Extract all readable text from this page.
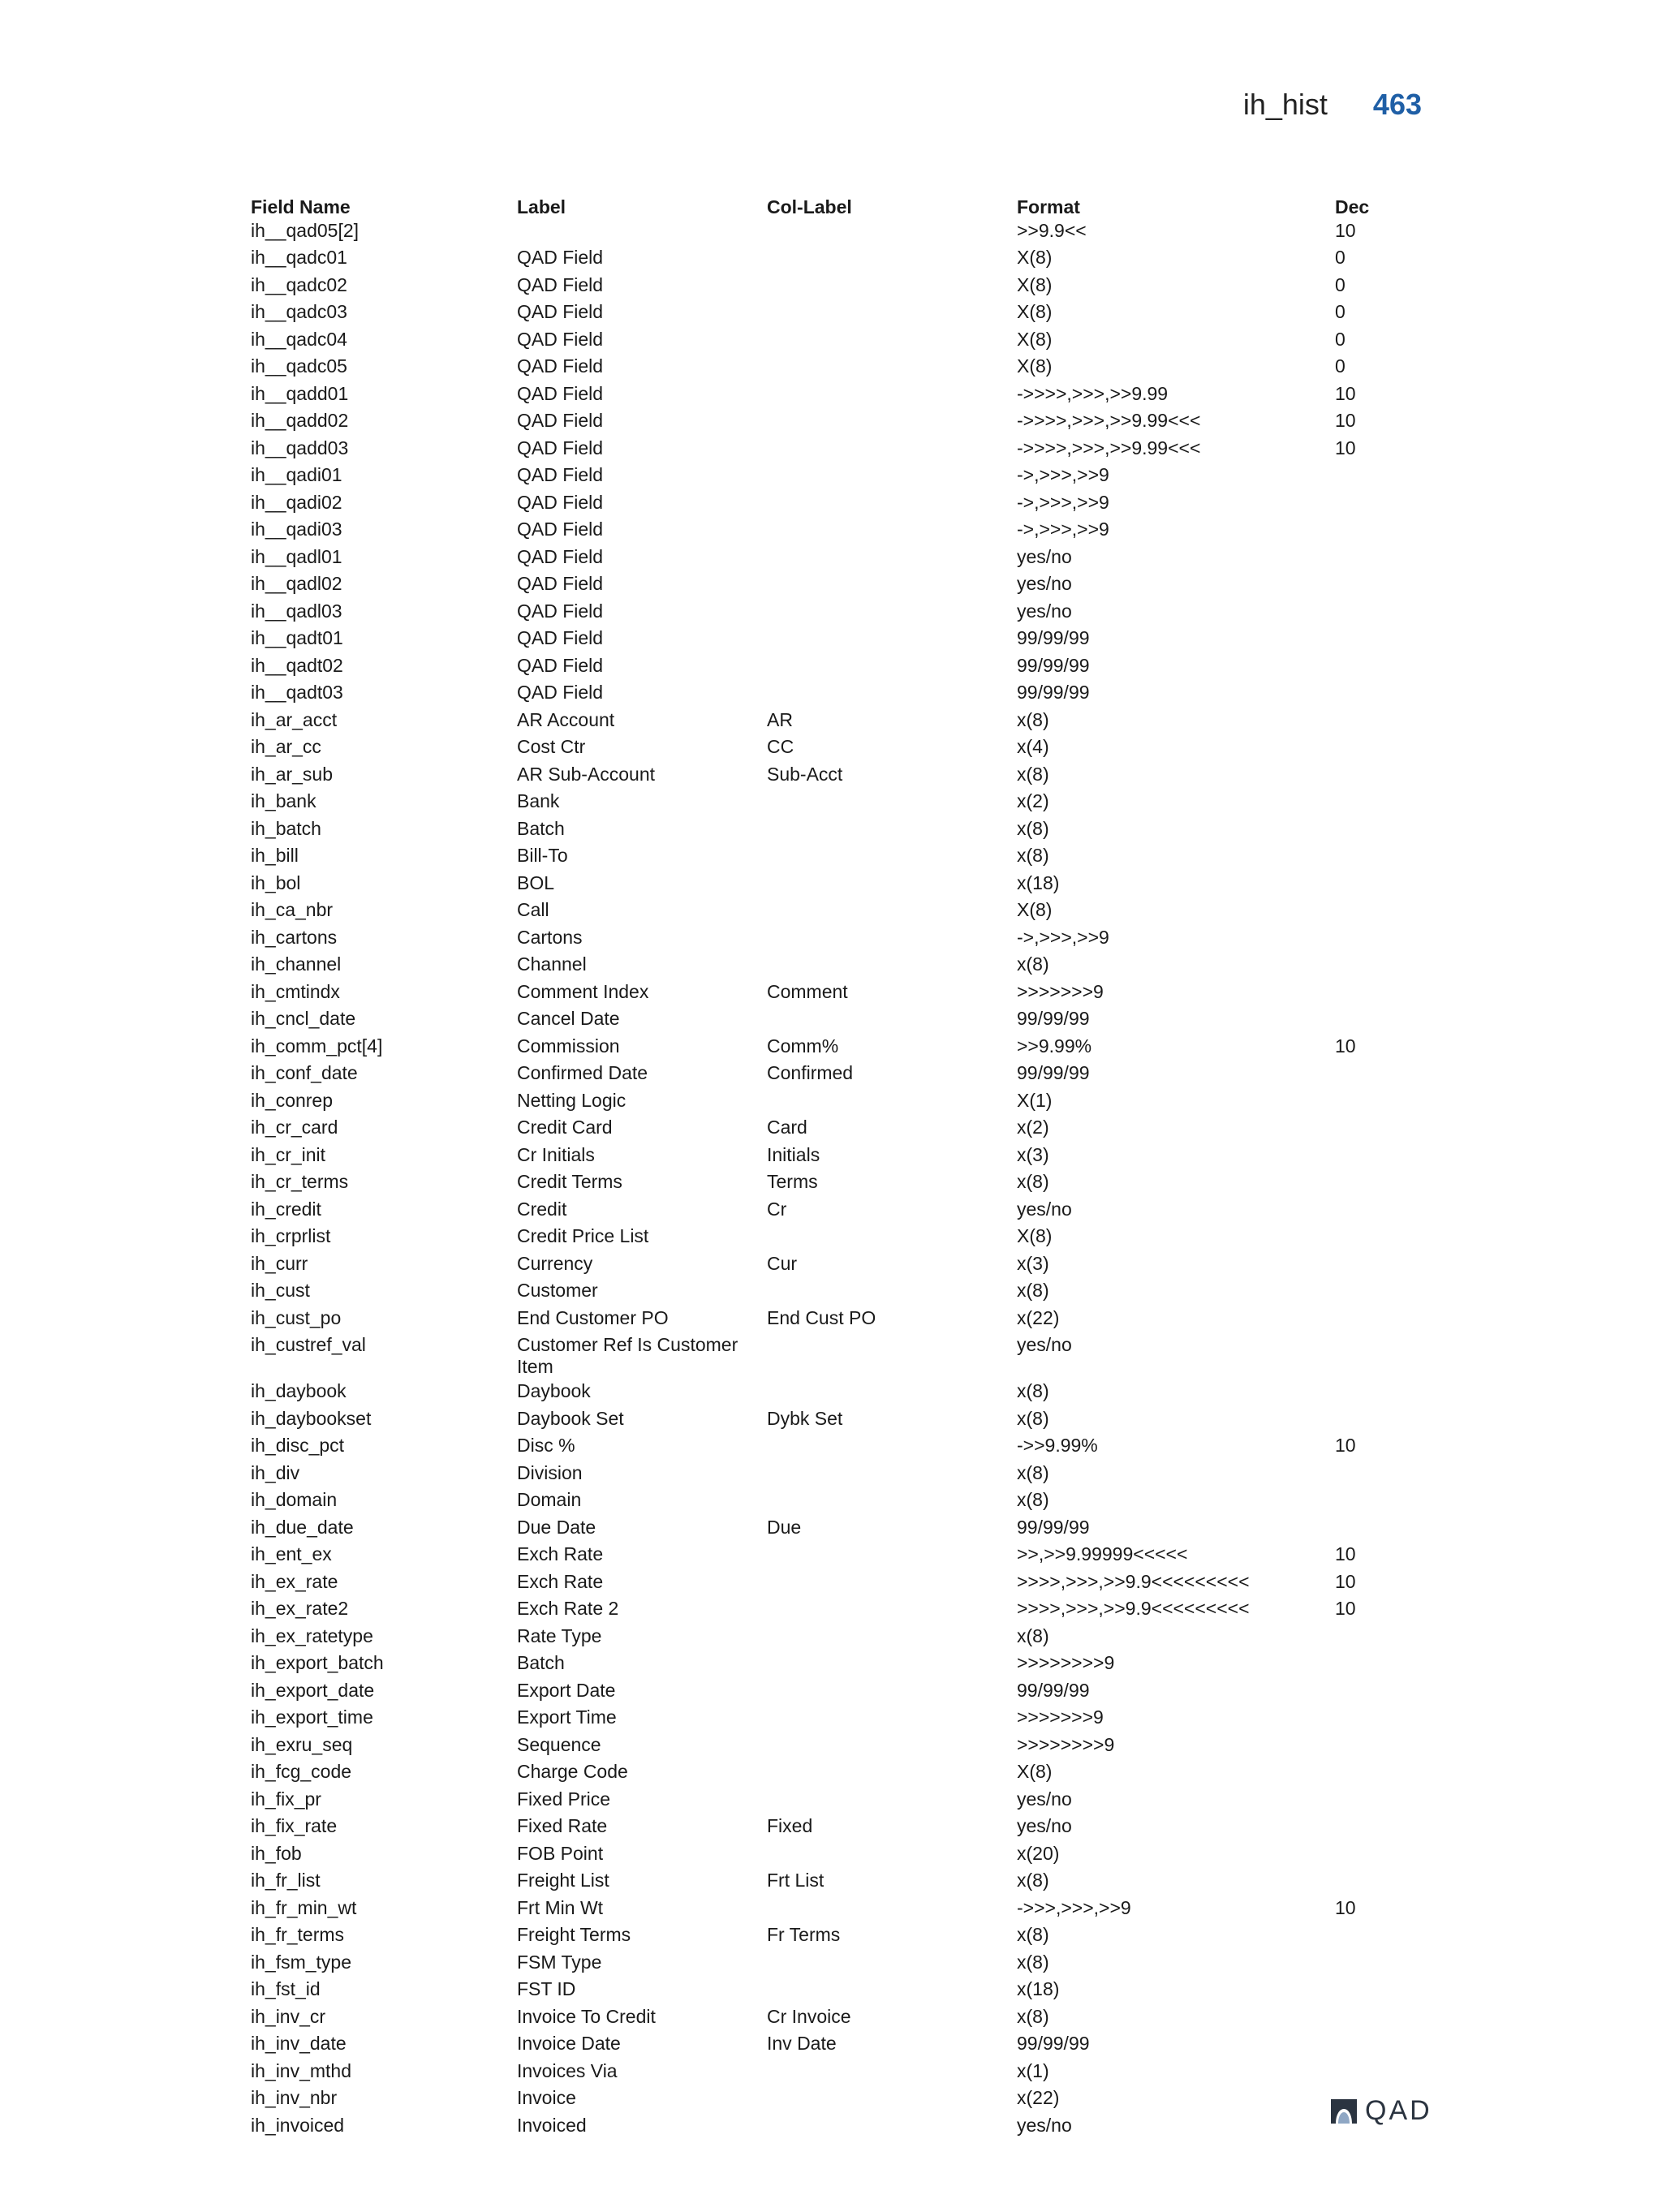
ih_hist 463
Field Name	Label	Col-Label	Format	Dec
ih__qad05[2]			>>9.9<<	10
ih__qadc01	QAD Field		X(8)	0
ih__qadc02	QAD Field		X(8)	0
ih__qadc03	QAD Field		X(8)	0
ih__qadc04	QAD Field		X(8)	0
ih__qadc05	QAD Field		X(8)	0
ih__qadd01	QAD Field		->>>>,>>>,>>9.99	10
ih__qadd02	QAD Field		->>>>,>>>,>>9.99<<<	10
ih__qadd03	QAD Field		->>>>,>>>,>>9.99<<<	10
ih__qadi01	QAD Field		->,>>>,>>9	
ih__qadi02	QAD Field		->,>>>,>>9	
ih__qadi03	QAD Field		->,>>>,>>9	
ih__qadl01	QAD Field		yes/no	
ih__qadl02	QAD Field		yes/no	
ih__qadl03	QAD Field		yes/no	
ih__qadt01	QAD Field		99/99/99	
ih__qadt02	QAD Field		99/99/99	
ih__qadt03	QAD Field		99/99/99	
ih_ar_acct	AR Account	AR	x(8)	
ih_ar_cc	Cost Ctr	CC	x(4)	
ih_ar_sub	AR Sub-Account	Sub-Acct	x(8)	
ih_bank	Bank		x(2)	
ih_batch	Batch		x(8)	
ih_bill	Bill-To		x(8)	
ih_bol	BOL		x(18)	
ih_ca_nbr	Call		X(8)	
ih_cartons	Cartons		->,>>>,>>9	
ih_channel	Channel		x(8)	
ih_cmtindx	Comment Index	Comment	>>>>>>>9	
ih_cncl_date	Cancel Date		99/99/99	
ih_comm_pct[4]	Commission	Comm%	>>9.99%	10
ih_conf_date	Confirmed Date	Confirmed	99/99/99	
ih_conrep	Netting Logic		X(1)	
ih_cr_card	Credit Card	Card	x(2)	
ih_cr_init	Cr Initials	Initials	x(3)	
ih_cr_terms	Credit Terms	Terms	x(8)	
ih_credit	Credit	Cr	yes/no	
ih_crprlist	Credit Price List		X(8)	
ih_curr	Currency	Cur	x(3)	
ih_cust	Customer		x(8)	
ih_cust_po	End Customer PO	End Cust PO	x(22)	
ih_custref_val	Customer Ref Is Customer Item		yes/no	
ih_daybook	Daybook		x(8)	
ih_daybookset	Daybook Set	Dybk Set	x(8)	
ih_disc_pct	Disc %		->>9.99%	10
ih_div	Division		x(8)	
ih_domain	Domain		x(8)	
ih_due_date	Due Date	Due	99/99/99	
ih_ent_ex	Exch Rate		>>,>>9.99999<<<<<	10
ih_ex_rate	Exch Rate		>>>>,>>>,>>9.9<<<<<<<<<	10
ih_ex_rate2	Exch Rate 2		>>>>,>>>,>>9.9<<<<<<<<<	10
ih_ex_ratetype	Rate Type		x(8)	
ih_export_batch	Batch		>>>>>>>>9	
ih_export_date	Export Date		99/99/99	
ih_export_time	Export Time		>>>>>>>9	
ih_exru_seq	Sequence		>>>>>>>>9	
ih_fcg_code	Charge Code		X(8)	
ih_fix_pr	Fixed Price		yes/no	
ih_fix_rate	Fixed Rate	Fixed	yes/no	
ih_fob	FOB Point		x(20)	
ih_fr_list	Freight List	Frt List	x(8)	
ih_fr_min_wt	Frt Min Wt		->>>,>>>,>>9	10
ih_fr_terms	Freight Terms	Fr Terms	x(8)	
ih_fsm_type	FSM Type		x(8)	
ih_fst_id	FST ID		x(18)	
ih_inv_cr	Invoice To Credit	Cr Invoice	x(8)	
ih_inv_date	Invoice Date	Inv Date	99/99/99	
ih_inv_mthd	Invoices Via		x(1)	
ih_inv_nbr	Invoice		x(22)	
ih_invoiced	Invoiced		yes/no		QAD
